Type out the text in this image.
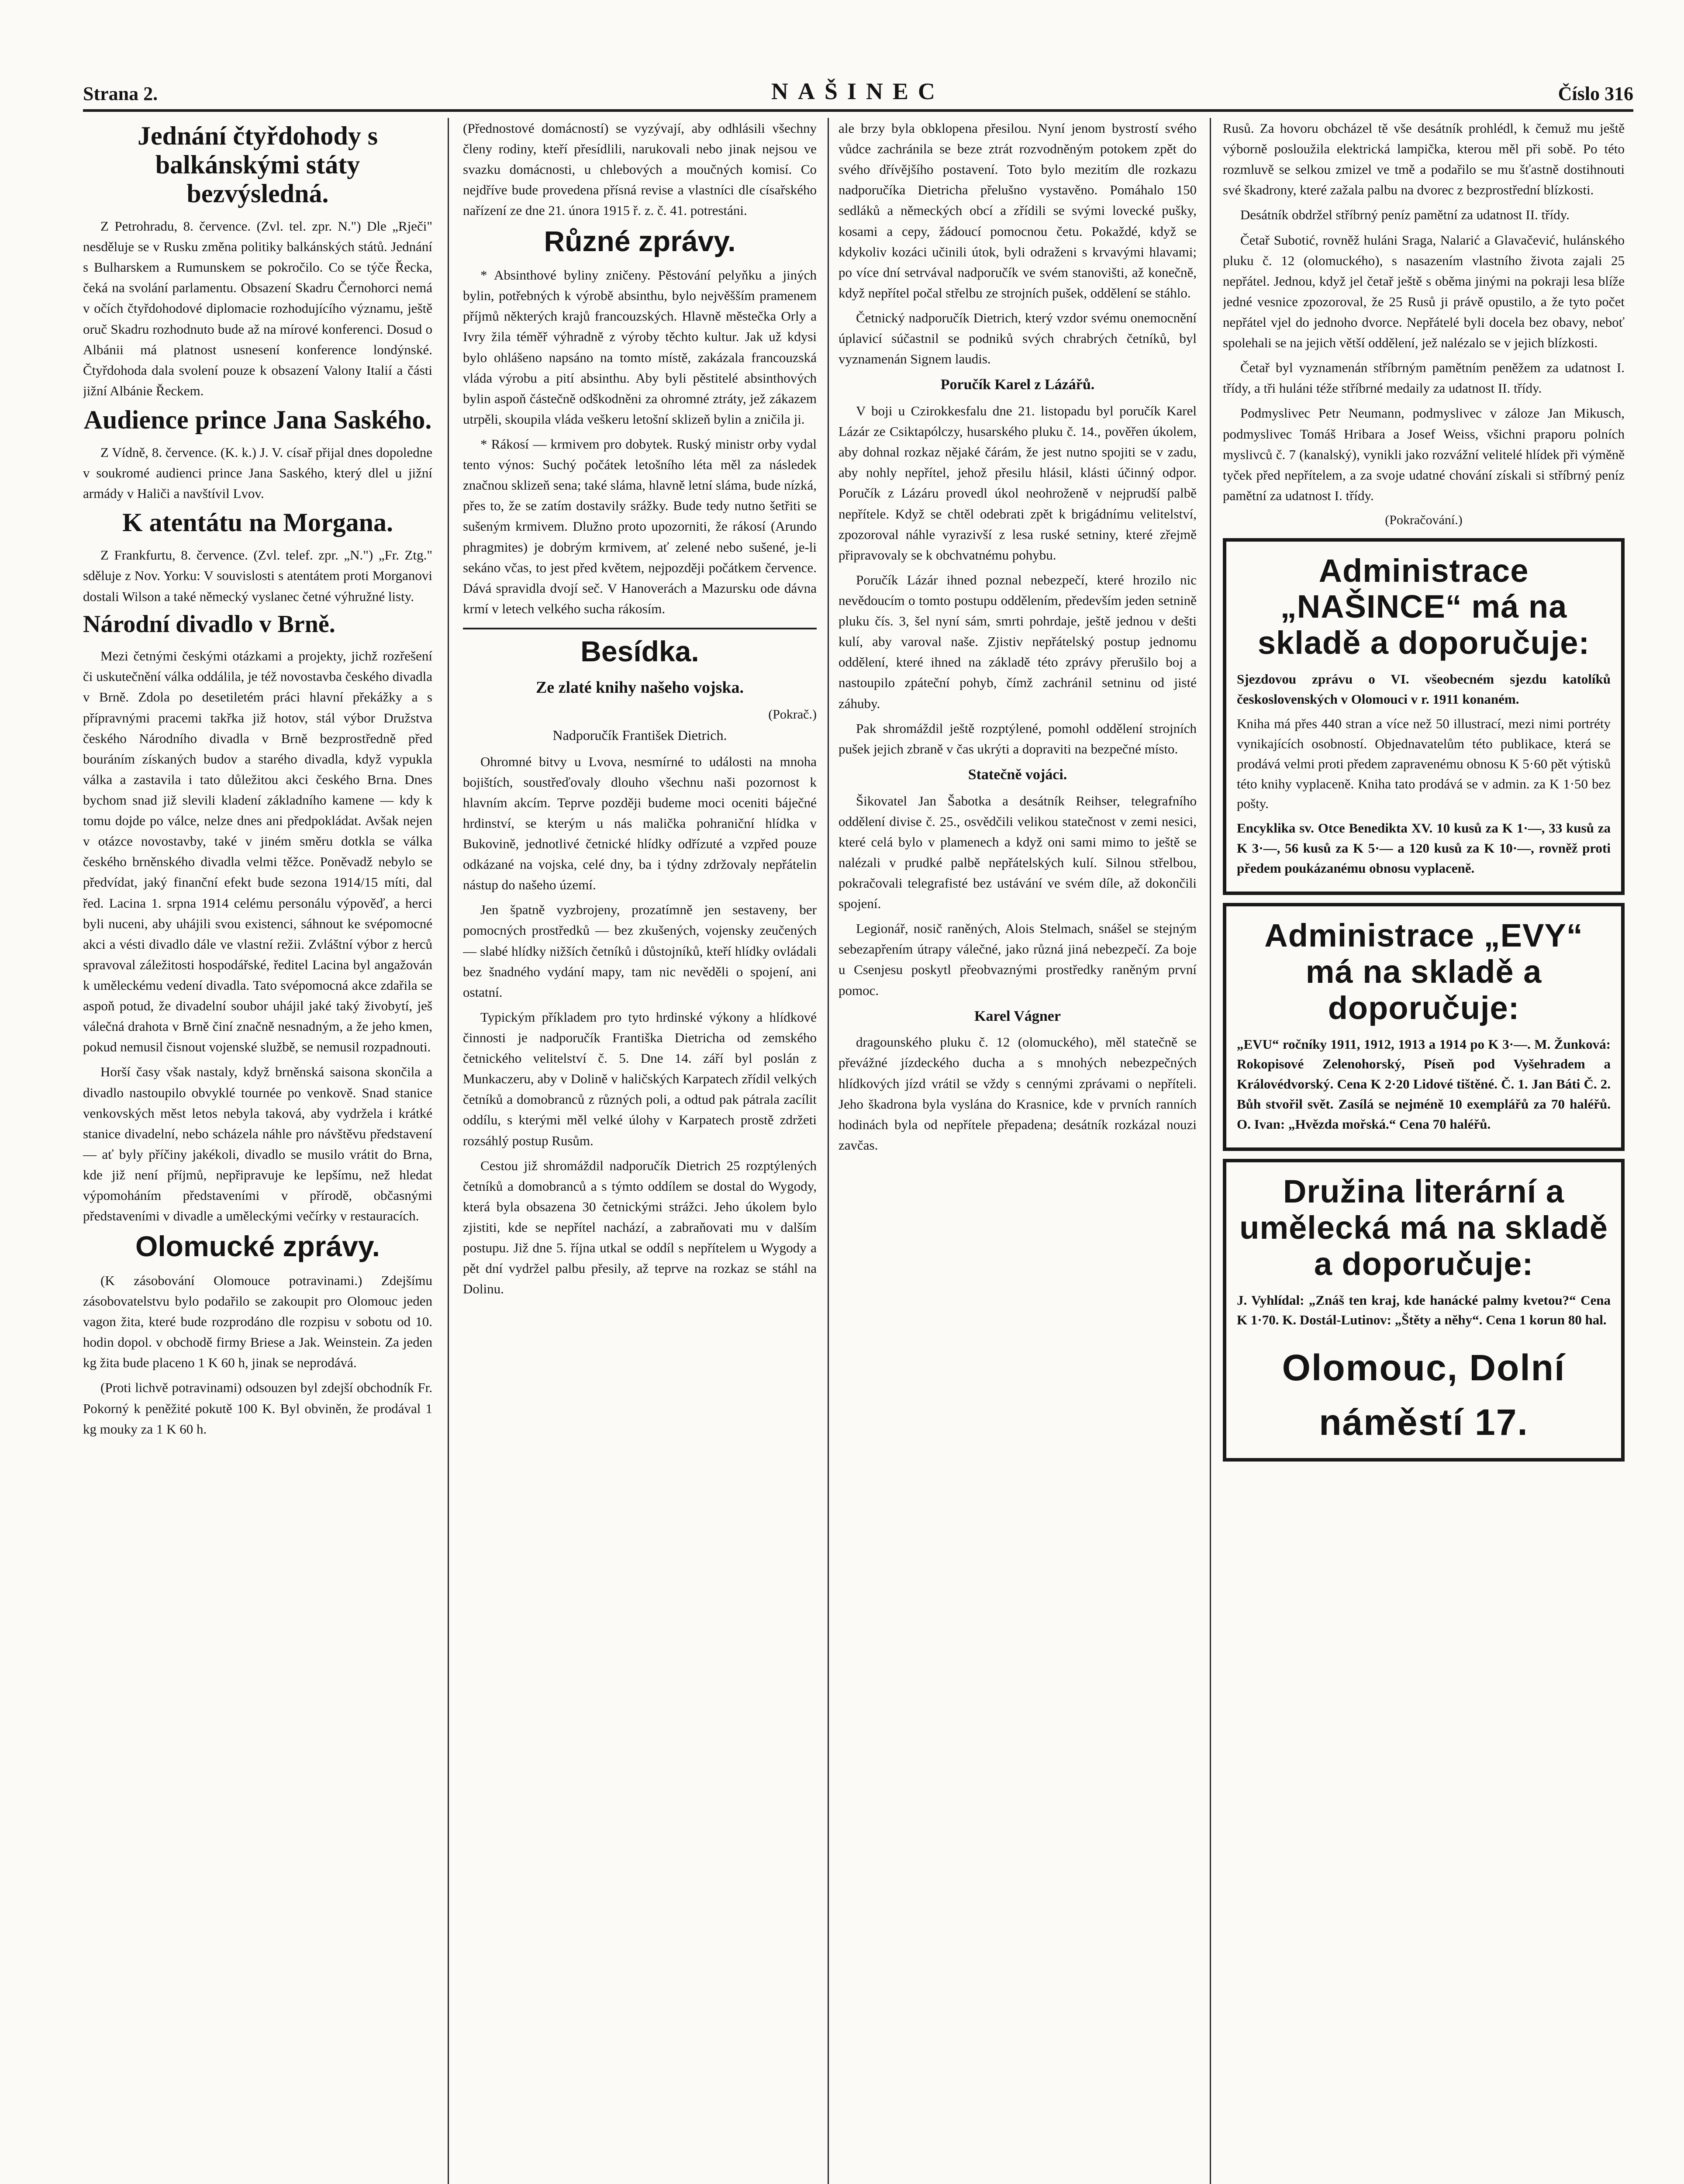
Strana 2.	NAŠINEC	Číslo 316
Jednání čtyřdohody s balkánskými státy bezvýsledná.

Z Petrohradu, 8. července. (Zvl. tel. zpr. N.") Dle „Rječi" nesděluje se v Rusku změna politiky balkánských států. Jednání s Bulharskem a Rumunskem se pokročilo. Co se týče Řecka, čeká na svolání parlamentu. Obsazení Skadru Černohorci nemá v očích čtyřdohodové diplomacie rozhodujícího významu, ještě oruč Skadru rozhodnuto bude až na mírové konferenci. Dosud o Albánii má platnost usnesení konference londýnské. Čtyřdohoda dala svolení pouze k obsazení Valony Italií a části jižní Albánie Řeckem.

Audience prince Jana Saského.

Z Vídně, 8. července. (K. k.) J. V. císař přijal dnes dopoledne v soukromé audienci prince Jana Saského, který dlel u jižní armády v Haliči a navštívil Lvov.

K atentátu na Morgana.

Z Frankfurtu, 8. července. (Zvl. telef. zpr. „N.") „Fr. Ztg." sděluje z Nov. Yorku: V souvislosti s atentátem proti Morganovi dostali Wilson a také německý vyslanec četné výhružné listy.

Národní divadlo v Brně.

Mezi četnými českými otázkami a projekty, jichž rozřešení či uskutečnění válka oddálila, je též novostavba českého divadla v Brně. Zdola po desetiletém práci hlavní překážky a s přípravnými pracemi takřka již hotov, stál výbor Družstva českého Národního divadla v Brně bezprostředně před bouráním získaných budov a starého divadla, když vypukla válka a zastavila i tato důležitou akci českého Brna. Dnes bychom snad již slevili kladení základního kamene — kdy k tomu dojde po válce, nelze dnes ani předpokládat. Avšak nejen v otázce novostavby, také v jiném směru dotkla se válka českého brněnského divadla velmi těžce. Poněvadž nebylo se předvídat, jaký finanční efekt bude sezona 1914/15 míti, dal řed. Lacina 1. srpna 1914 celému personálu výpověď, a herci byli nuceni, aby uhájili svou existenci, sáhnout ke svépomocné akci a vésti divadlo dále ve vlastní režii. Zvláštní výbor z herců spravoval záležitosti hospodářské, ředitel Lacina byl angažován k uměleckému vedení divadla. Tato svépomocná akce zdařila se aspoň potud, že divadelní soubor uhájil jaké taký živobytí, ješ válečná drahota v Brně činí značně nesnadným, a že jeho kmen, pokud nemusil čisnout vojenské službě, se nemusil rozpadnouti.

Horší časy však nastaly, když brněnská saisona skončila a divadlo nastoupilo obvyklé tournée po venkově. Snad stanice venkovských měst letos nebyla taková, aby vydržela i krátké stanice divadelní, nebo scházela náhle pro návštěvu představení — ať byly příčiny jakékoli, divadlo se musilo vrátit do Brna, kde již není příjmů, nepřipravuje ke lepšímu, než hledat výpomoháním představeními v přírodě, občasnými představeními v divadle a uměleckými večírky v restauracích.

Olomucké zprávy.

(K zásobování Olomouce potravinami.) Zdejšímu zásobovatelstvu bylo podařilo se zakoupit pro Olomouc jeden vagon žita, které bude rozprodáno dle rozpisu v sobotu od 10. hodin dopol. v obchodě firmy Briese a Jak. Weinstein. Za jeden kg žita bude placeno 1 K 60 h, jinak se neprodává.

(Proti lichvě potravinami) odsouzen byl zdejší obchodník Fr. Pokorný k peněžité pokutě 100 K. Byl obviněn, že prodával 1 kg mouky za 1 K 60 h.

(Přednostové domácností) se vyzývají, aby odhlásili všechny členy rodiny, kteří přesídlili, narukovali nebo jinak nejsou ve svazku domácnosti, u chlebových a moučných komisí. Co nejdříve bude provedena přísná revise a vlastníci dle císařského nařízení ze dne 21. února 1915 ř. z. č. 41. potrestáni.

Různé zprávy.

* Absinthové byliny zničeny. Pěstování pelyňku a jiných bylin, potřebných k výrobě absinthu, bylo nejvěšším pramenem příjmů některých krajů francouzských. Hlavně městečka Orly a Ivry žila téměř výhradně z výroby těchto kultur. Jak už kdysi bylo ohlášeno napsáno na tomto místě, zakázala francouzská vláda výrobu a pití absinthu. Aby byli pěstitelé absinthových bylin aspoň částečně odškodněni za ohromné ztráty, jež zákazem utrpěli, skoupila vláda veškeru letošní sklizeň bylin a zničila ji.

* Rákosí — krmivem pro dobytek. Ruský ministr orby vydal tento výnos: Suchý počátek letošního léta měl za následek značnou sklizeň sena; také sláma, hlavně letní sláma, bude nízká, přes to, že se zatím dostavily srážky. Bude tedy nutno šetřiti se sušeným krmivem. Dlužno proto upozorniti, že rákosí (Arundo phragmites) je dobrým krmivem, ať zelené nebo sušené, je-li sekáno včas, to jest před květem, nejpozději počátkem července. Dává spravidla dvojí seč. V Hanoverách a Mazursku ode dávna krmí v letech velkého sucha rákosím.

Besídka.
Ze zlaté knihy našeho vojska.
(Pokrač.)
Nadporučík František Dietrich.

Ohromné bitvy u Lvova, nesmírné to události na mnoha bojištích, soustřeďovaly dlouho všechnu naši pozornost k hlavním akcím. Teprve později budeme moci oceniti báječné hrdinství, se kterým u nás malička pohraniční hlídka v Bukovině, jednotlivé četnické hlídky odřízuté a vzpřed pouze odkázané na vojska, celé dny, ba i týdny zdržovaly nepřátelin nástup do našeho území.

Jen špatně vyzbrojeny, prozatímně jen sestaveny, ber pomocných prostředků — bez zkušených, vojensky zeučených — slabé hlídky nižších četníků i důstojníků, kteří hlídky ovládali bez šnadného vydání mapy, tam nic nevěděli o spojení, ani ostatní.

Typickým příkladem pro tyto hrdinské výkony a hlídkové činnosti je nadporučík Františka Dietricha od zemského četnického velitelství č. 5. Dne 14. září byl poslán z Munkaczeru, aby v Dolině v haličských Karpatech zřídil velkých četníků a domobranců z různých poli, a odtud pak pátrala zacílit oddílu, s kterými měl velké úlohy v Karpatech prostě zdržeti rozsáhlý postup Rusům.

Cestou již shromáždil nadporučík Dietrich 25 rozptýlených četníků a domobranců a s týmto oddílem se dostal do Wygody, která byla obsazena 30 četnickými strážci. Jeho úkolem bylo zjistiti, kde se nepřítel nachází, a zabraňovati mu v dalším postupu. Již dne 5. října utkal se oddíl s nepřítelem u Wygody a pět dní vydržel palbu přesily, až teprve na rozkaz se stáhl na Dolinu.

ale brzy byla obklopena přesilou. Nyní jenom bystrostí svého vůdce zachránila se beze ztrát rozvodněným potokem zpět do svého dřívějšího postavení. Toto bylo mezitím dle rozkazu nadporučíka Dietricha přelušno vystavěno. Pomáhalo 150 sedláků a německých obcí a zřídili se svými lovecké pušky, kosami a cepy, žádoucí pomocnou četu. Pokaždé, když se kdykoliv kozáci učinili útok, byli odraženi s krvavými hlavami; po více dní setrvával nadporučík ve svém stanovišti, až konečně, když nepřítel počal střelbu ze strojních pušek, oddělení se stáhlo.

Četnický nadporučík Dietrich, který vzdor svému onemocnění úplavicí súčastnil se podniků svých chrabrých četníků, byl vyznamenán Signem laudis.

Poručík Karel z Lázářů.

V boji u Czirokkesfalu dne 21. listopadu byl poručík Karel Lázár ze Csiktapólczy, husarského pluku č. 14., pověřen úkolem, aby dohnal rozkaz nějaké čárám, že jest nutno spojiti se v zadu, aby nohly nepřítel, jehož přesilu hlásil, klásti účinný odpor. Poručík z Lázáru provedl úkol neohroženě v nejprudší palbě nepřítele. Když se chtěl odebrati zpět k brigádnímu velitelství, zpozoroval náhle vyrazivší z lesa ruské setniny, které zřejmě připravovaly se k obchvatnému pohybu.

Poručík Lázár ihned poznal nebezpečí, které hrozilo nic nevědoucím o tomto postupu oddělením, především jeden setnině pluku čís. 3, šel nyní sám, smrti pohrdaje, ještě jednou v dešti kulí, aby varoval naše. Zjistiv nepřátelský postup jednomu oddělení, které ihned na základě této zprávy přerušilo boj a nastoupilo zpáteční pohyb, čímž zachránil setninu od jisté záhuby.

Pak shromáždil ještě rozptýlené, pomohl oddělení strojních pušek jejich zbraně v čas ukrýti a dopraviti na bezpečné místo.

Statečně vojáci.

Šikovatel Jan Šabotka a desátník Reihser, telegrafního oddělení divise č. 25., osvědčili velikou statečnost v zemi nesici, které celá bylo v plamenech a když oni sami mimo to ještě se nalézali v prudké palbě nepřátelských kulí. Silnou střelbou, pokračovali telegrafisté bez ustávání ve svém díle, až dokončili spojení.

Legionář, nosič raněných, Alois Stelmach, snášel se stejným sebezapřením útrapy válečné, jako různá jiná nebezpečí. Za boje u Csenjesu poskytl přeobvaznými prostředky raněným první pomoc.

Karel Vágner

dragounského pluku č. 12 (olomuckého), měl statečně se převážné jízdeckého ducha a s mnohých nebezpečných hlídkových jízd vrátil se vždy s cennými zprávami o nepříteli. Jeho škadrona byla vyslána do Krasnice, kde v prvních ranních hodinách byla od nepřítele přepadena; desátník rozkázal nouzi zavčas.

Rusů. Za hovoru obcházel tě vše desátník prohlédl, k čemuž mu ještě výborně posloužila elektrická lampička, kterou měl při sobě. Po této rozmluvě se selkou zmizel ve tmě a podařilo se mu šťastně dostihnouti své škadrony, které zažala palbu na dvorec z bezprostřední blízkosti.

Desátník obdržel stříbrný peníz pamětní za udatnost II. třídy.

Četař Subotić, rovněž huláni Sraga, Nalarić a Glavačević, hulánského pluku č. 12 (olomuckého), s nasazením vlastního života zajali 25 nepřátel. Jednou, když jel četař ještě s oběma jinými na pokraji lesa blíže jedné vesnice zpozoroval, že 25 Rusů ji právě opustilo, a že tyto počet nepřátel vjel do jednoho dvorce. Nepřátelé byli docela bez obavy, neboť spolehali se na jejich větší oddělení, jež nalézalo se v jejich blízkosti.

Četař byl vyznamenán stříbrným pamětním peněžem za udatnost I. třídy, a tři huláni téže stříbrné medaily za udatnost II. třídy.

Podmyslivec Petr Neumann, podmyslivec v záloze Jan Mikusch, podmyslivec Tomáš Hribara a Josef Weiss, všichni praporu polních myslivců č. 7 (kanalský), vynikli jako rozvážní velitelé hlídek při výměně tyček před nepřítelem, a za svoje udatné chování získali si stříbrný peníz pamětní za udatnost I. třídy.

(Pokračování.)
Administrace „NAŠINCE“ má na skladě a doporučuje:

Sjezdovou zprávu o VI. všeobecném sjezdu katolíků československých v Olomouci v r. 1911 konaném.

Kniha má přes 440 stran a více než 50 illustrací, mezi nimi portréty vynikajících osobností. Objednavatelům této publikace, která se prodává velmi proti předem zapravenému obnosu K 5·60 pět výtisků této knihy vyplaceně. Kniha tato prodává se v admin. za K 1·50 bez pošty.

Encyklika sv. Otce Benedikta XV. 10 kusů za K 1·—, 33 kusů za K 3·—, 56 kusů za K 5·— a 120 kusů za K 10·—, rovněž proti předem poukázanému obnosu vyplaceně.

Administrace „EVY“ má na skladě a doporučuje:

„EVU“ ročníky 1911, 1912, 1913 a 1914 po K 3·—. M. Žunková: Rokopisové Zelenohorský, Píseň pod Vyšehradem a Královédvorský. Cena K 2·20 Lidové tištěné. Č. 1. Jan Báti Č. 2. Bůh stvořil svět. Zasílá se nejméně 10 exemplářů za 70 haléřů. O. Ivan: „Hvězda mořská.“ Cena 70 haléřů.

Družina literární a umělecká má na skladě a doporučuje:

J. Vyhlídal: „Znáš ten kraj, kde hanácké palmy kvetou?“ Cena K 1·70. K. Dostál-Lutinov: „Štěty a něhy“. Cena 1 korun 80 hal.

Olomouc, Dolní náměstí 17.
